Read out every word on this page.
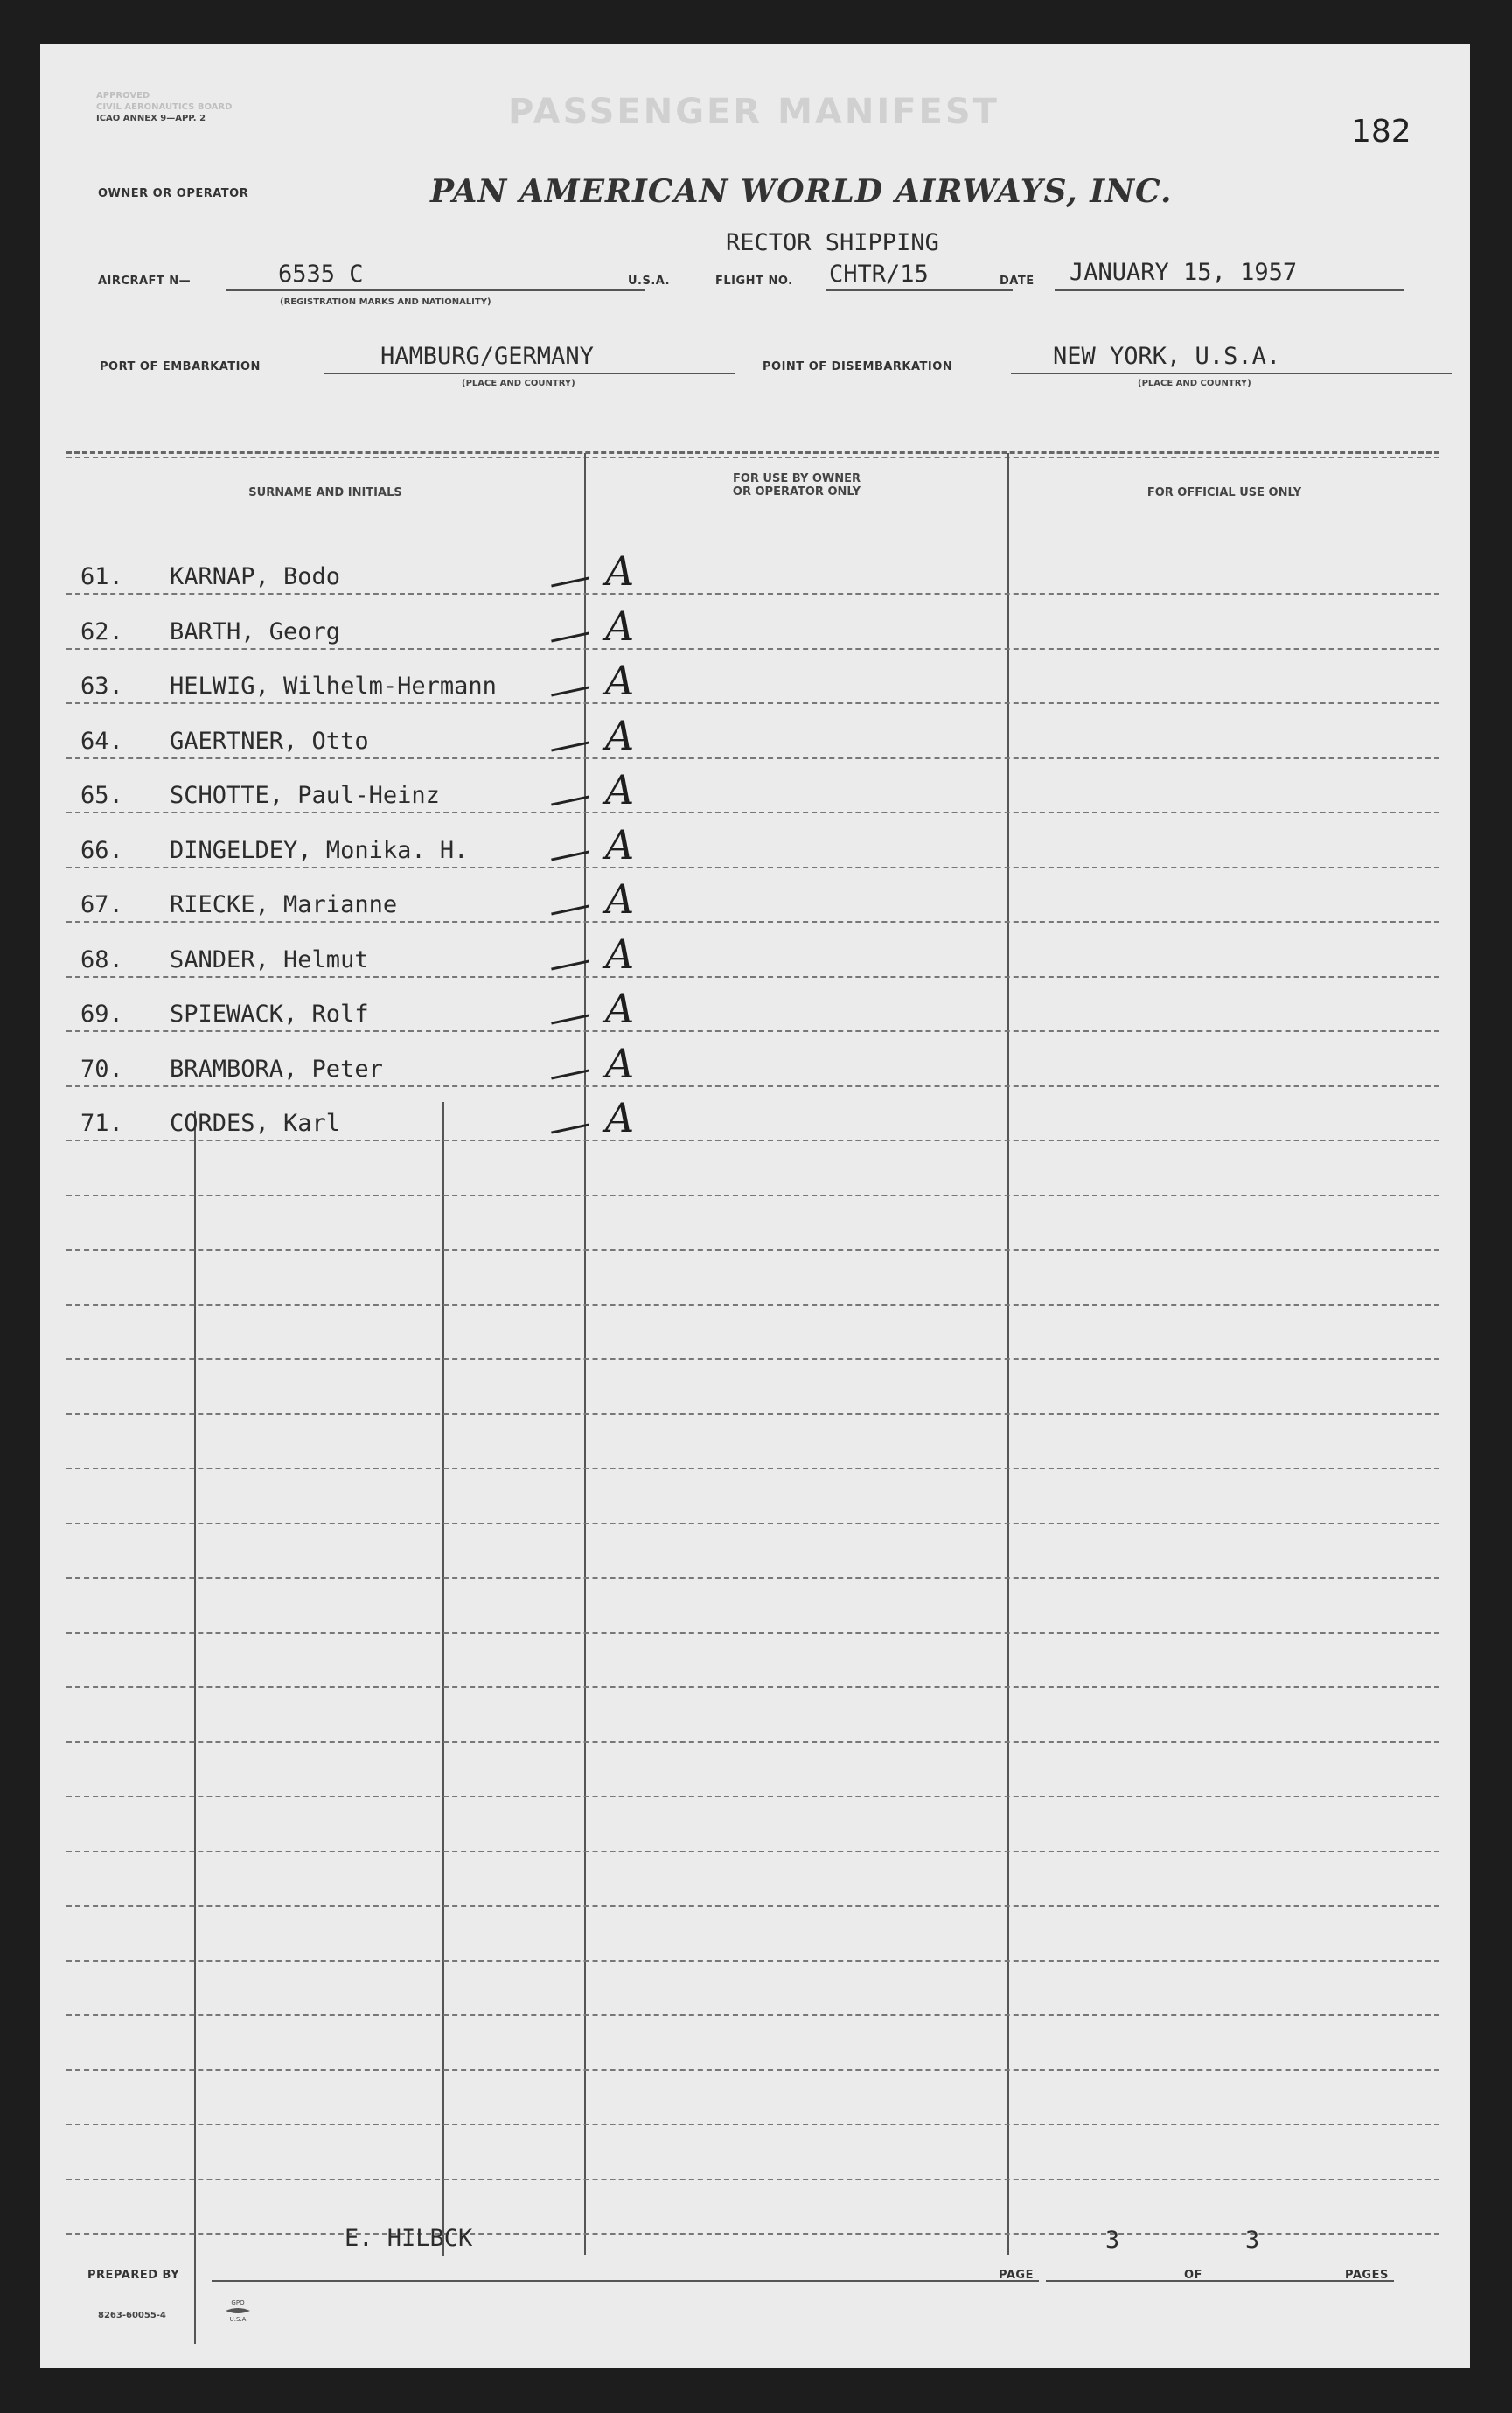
APPROVED
CIVIL AERONAUTICS BOARD
ICAO ANNEX 9—APP. 2	PASSENGER MANIFEST	182
OWNER OR OPERATOR	PAN AMERICAN WORLD AIRWAYS, INC.
RECTOR SHIPPING
AIRCRAFT N—	6535 C
(REGISTRATION MARKS AND NATIONALITY)
U.S.A.	FLIGHT NO. CHTR/15	DATE JANUARY 15, 1957
PORT OF EMBARKATION	HAMBURG/GERMANY
(PLACE AND COUNTRY)
POINT OF DISEMBARKATION	NEW YORK, U.S.A.
(PLACE AND COUNTRY)
SURNAME AND INITIALS
FOR USE BY OWNER
OR OPERATOR ONLY	FOR OFFICIAL USE ONLY
61. KARNAP, Bodo	A
62. BARTH, Georg	A
63. HELWIG, Wilhelm-Hermann	A
64. GAERTNER, Otto	A
65. SCHOTTE, Paul-Heinz	A
66. DINGELDEY, Monika. H.	A
67. RIECKE, Marianne	A
68. SANDER, Helmut	A
69. SPIEWACK, Rolf	A
70. BRAMBORA, Peter	A
71. CORDES, Karl	A
E. HILBCK
PREPARED BY	PAGE
3
OF
3
PAGES
8263-60055-4
GPO
U.S.A
